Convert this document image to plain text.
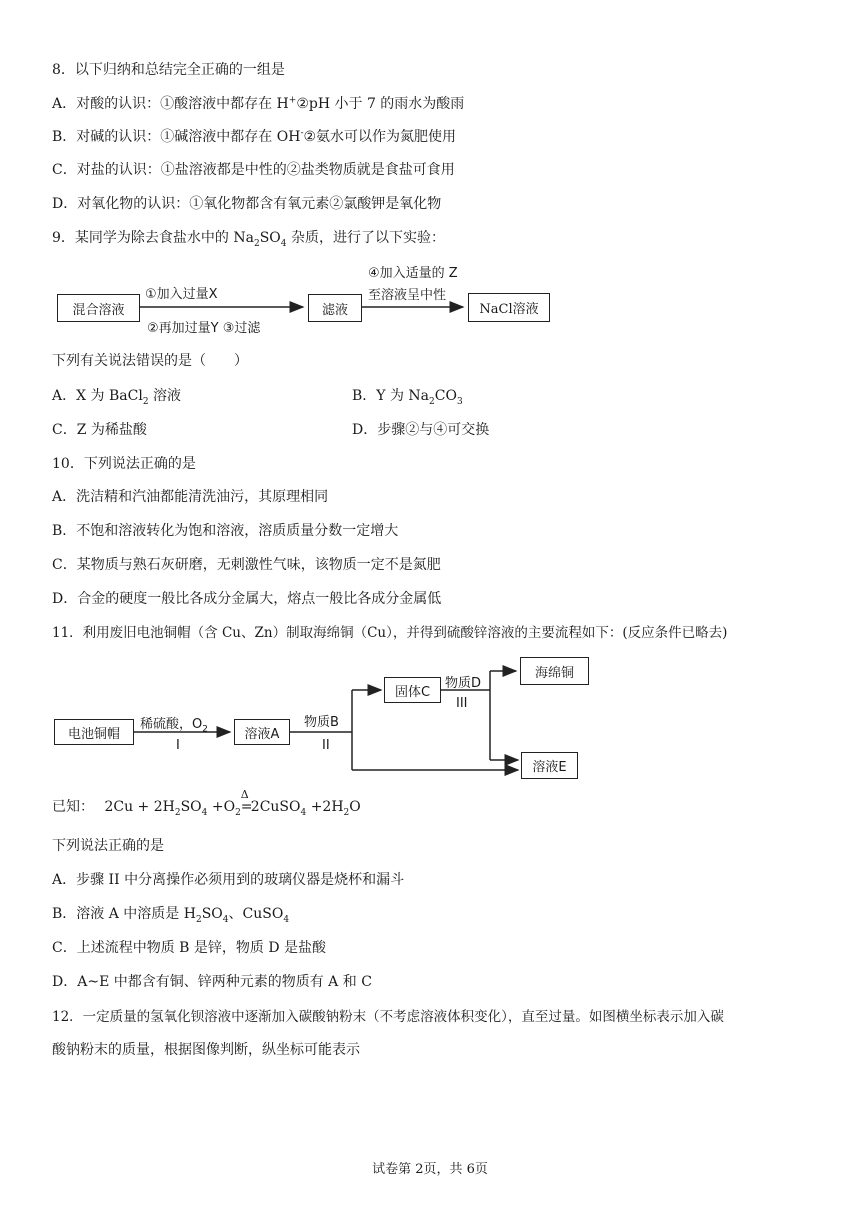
8．以下归纳和总结完全正确的一组是
A．对酸的认识：①酸溶液中都存在 H+②pH 小于 7 的雨水为酸雨
B．对碱的认识：①碱溶液中都存在 OH-②氨水可以作为氮肥使用
C．对盐的认识：①盐溶液都是中性的②盐类物质就是食盐可食用
D．对氧化物的认识：①氧化物都含有氧元素②氯酸钾是氧化物
9．某同学为除去食盐水中的 $Na_2SO_4$ 杂质，进行了以下实验：
混合溶液
①加入过量X
②再加过量Y ③过滤
滤液
④加入适量的 Z
至溶液呈中性
NaCl溶液
下列有关说法错误的是（　　）
A．X 为 BaCl$_2$ 溶液	B．Y 为 $Na_2CO_3$
C．Z 为稀盐酸	D．步骤②与④可交换
10．下列说法正确的是
A．洗洁精和汽油都能清洗油污，其原理相同
B．不饱和溶液转化为饱和溶液，溶质质量分数一定增大
C．某物质与熟石灰研磨，无刺激性气味，该物质一定不是氮肥
D．合金的硬度一般比各成分金属大，熔点一般比各成分金属低
11．利用废旧电池铜帽（含 Cu、Zn）制取海绵铜（Cu），并得到硫酸锌溶液的主要流程如下：(反应条件已略去)
电池铜帽
稀硫酸，$O_2$
I
溶液A
物质B
II
固体C
物质D
III
海绵铜
溶液E
已知： $2Cu + 2H_2SO_4 +O_2$
Δ
=2CuSO$_4$ $+2H_2O$
下列说法正确的是
A．步骤 II 中分离操作必须用到的玻璃仪器是烧杯和漏斗
B．溶液 A 中溶质是 $H_2SO_4$、CuSO$_4$
C．上述流程中物质 B 是锌，物质 D 是盐酸
D．A~E 中都含有铜、锌两种元素的物质有 A 和 C
12．一定质量的氢氧化钡溶液中逐渐加入碳酸钠粉末（不考虑溶液体积变化），直至过量。如图横坐标表示加入碳
酸钠粉末的质量，根据图像判断，纵坐标可能表示
试卷第 2页，共 6页
